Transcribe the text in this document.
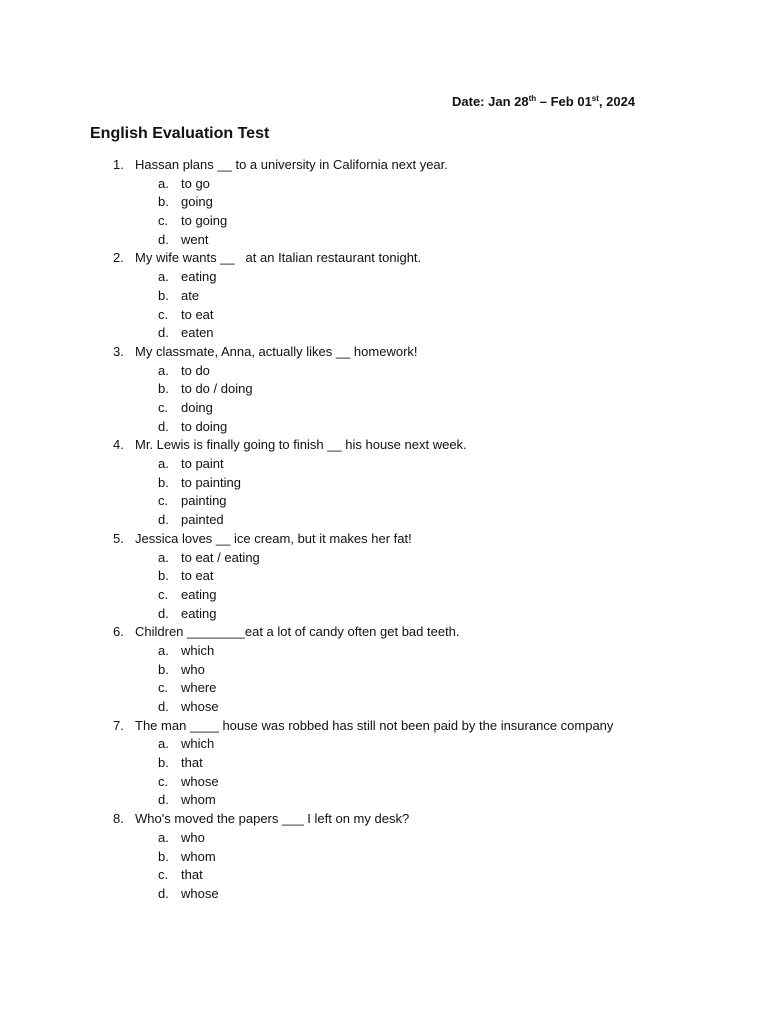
Date: Jan 28th – Feb 01st, 2024
English Evaluation Test
1. Hassan plans __ to a university in California next year.
a. to go
b. going
c. to going
d. went
2. My wife wants __   at an Italian restaurant tonight.
a. eating
b. ate
c. to eat
d. eaten
3. My classmate, Anna, actually likes __ homework!
a. to do
b. to do / doing
c. doing
d. to doing
4. Mr. Lewis is finally going to finish __ his house next week.
a. to paint
b. to painting
c. painting
d. painted
5. Jessica loves __ ice cream, but it makes her fat!
a. to eat / eating
b. to eat
c. eating
d. eating
6. Children ________eat a lot of candy often get bad teeth.
a. which
b. who
c. where
d. whose
7. The man ____ house was robbed has still not been paid by the insurance company
a. which
b. that
c. whose
d. whom
8. Who's moved the papers ___ I left on my desk?
a. who
b. whom
c. that
d. whose
